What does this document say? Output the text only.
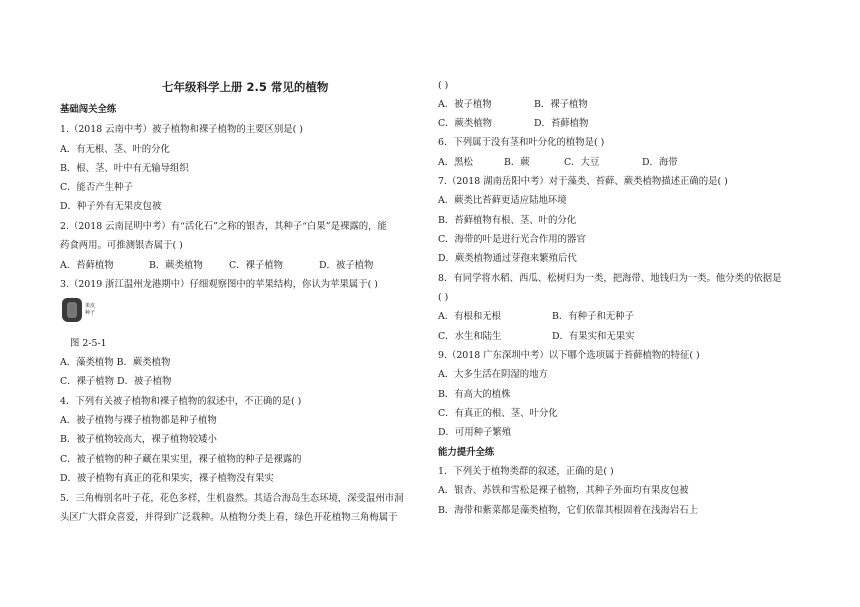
七年级科学上册 2.5 常见的植物
基础闯关全练
1.（2018 云南中考）被子植物和裸子植物的主要区别是( )
A．有无根、茎、叶的分化
B．根、茎、叶中有无输导组织
C．能否产生种子
D．种子外有无果皮包被
2.（2018 云南昆明中考）有“活化石”之称的银杏，其种子“白果”是裸露的，能
药食两用。可推测银杏属于( )
A．苔藓植物	B．蕨类植物	C．裸子植物	D．被子植物
3.（2019 浙江温州龙港期中）仔细观察图中的苹果结构，你认为苹果属于( )
果皮
种子
图 2-5-1
A．藻类植物 B．蕨类植物
C．裸子植物 D．被子植物
4．下列有关被子植物和裸子植物的叙述中，不正确的是( )
A．被子植物与裸子植物都是种子植物
B．被子植物较高大，裸子植物较矮小
C．被子植物的种子藏在果实里，裸子植物的种子是裸露的
D．被子植物有真正的花和果实，裸子植物没有果实
5．三角梅别名叶子花，花色多样，生机盎然。其适合海岛生态环境，深受温州市洞
头区广大群众喜爱，并得到广泛栽种。从植物分类上看，绿色开花植物三角梅属于
( )
A．被子植物	B．裸子植物
C．蕨类植物	D．苔藓植物
6．下列属于没有茎和叶分化的植物是( )
A．黑松	B．蕨	C．大豆	D．海带
7.（2018 湖南岳阳中考）对于藻类、苔藓、蕨类植物描述正确的是( )
A．蕨类比苔藓更适应陆地环境
B．苔藓植物有根、茎、叶的分化
C．海带的叶是进行光合作用的器官
D．蕨类植物通过芽孢来繁殖后代
8．有同学将水稻、西瓜、松树归为一类，把海带、地钱归为一类。他分类的依据是
( )
A．有根和无根	B．有种子和无种子
C．水生和陆生	D．有果实和无果实
9.（2018 广东深圳中考）以下哪个选项属于苔藓植物的特征( )
A．大多生活在阴湿的地方
B．有高大的植株
C．有真正的根、茎、叶分化
D．可用种子繁殖
能力提升全练
1．下列关于植物类群的叙述，正确的是( )
A．银杏、苏铁和雪松是裸子植物，其种子外面均有果皮包被
B．海带和紫菜都是藻类植物，它们依靠其根固着在浅海岩石上
